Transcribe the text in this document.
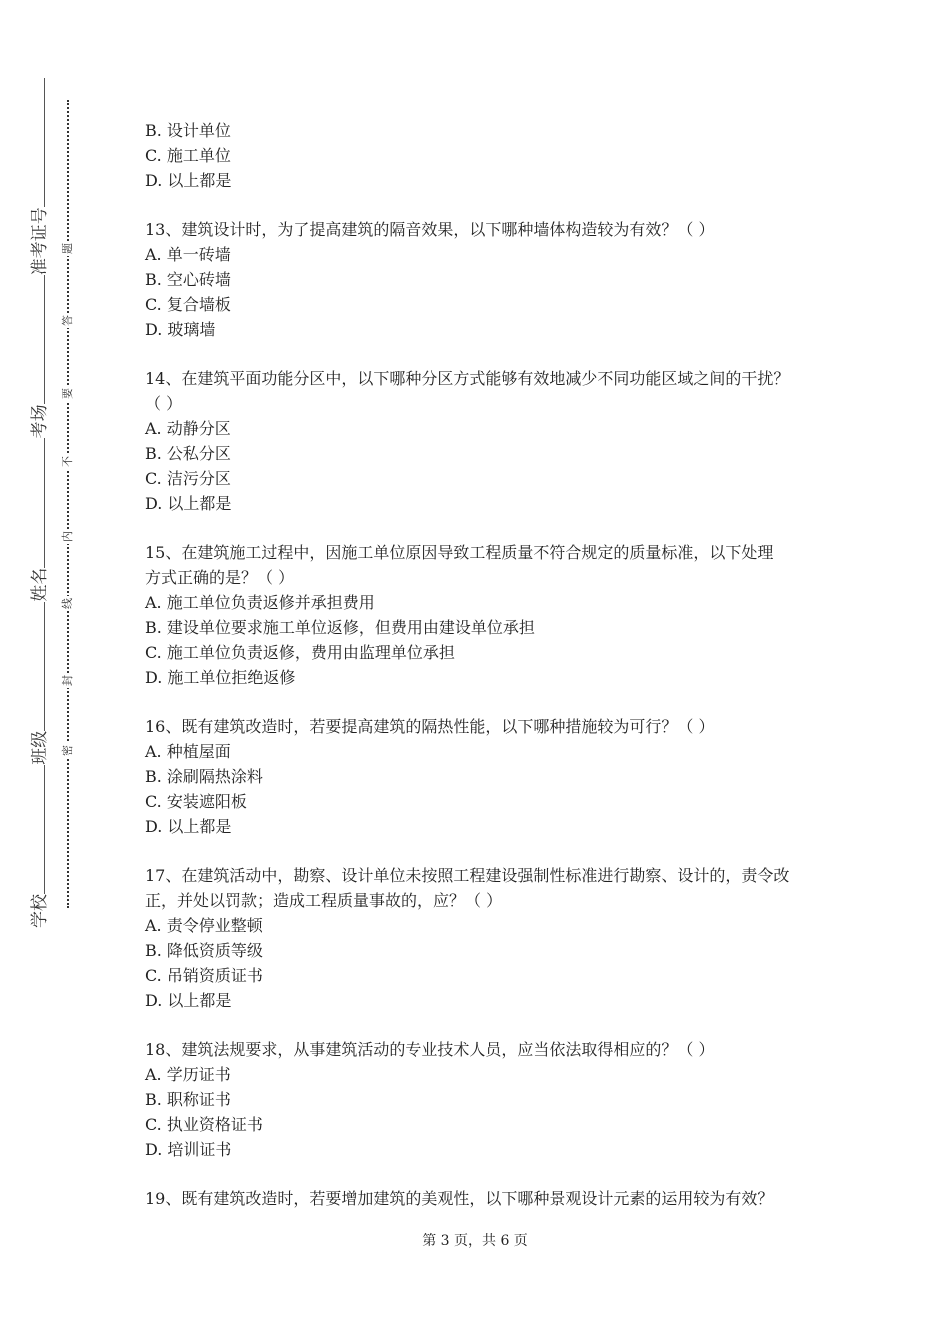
学校
班级
姓名
考场
准考证号
密
封
线
内
不
要
答
题
B. 设计单位
C. 施工单位
D. 以上都是
13、建筑设计时，为了提高建筑的隔音效果，以下哪种墙体构造较为有效？（ ）
A. 单一砖墙
B. 空心砖墙
C. 复合墙板
D. 玻璃墙
14、在建筑平面功能分区中，以下哪种分区方式能够有效地减少不同功能区域之间的干扰？
（ ）
A. 动静分区
B. 公私分区
C. 洁污分区
D. 以上都是
15、在建筑施工过程中，因施工单位原因导致工程质量不符合规定的质量标准，以下处理
方式正确的是？（ ）
A. 施工单位负责返修并承担费用
B. 建设单位要求施工单位返修，但费用由建设单位承担
C. 施工单位负责返修，费用由监理单位承担
D. 施工单位拒绝返修
16、既有建筑改造时，若要提高建筑的隔热性能，以下哪种措施较为可行？（ ）
A. 种植屋面
B. 涂刷隔热涂料
C. 安装遮阳板
D. 以上都是
17、在建筑活动中，勘察、设计单位未按照工程建设强制性标准进行勘察、设计的，责令改
正，并处以罚款；造成工程质量事故的，应？（ ）
A. 责令停业整顿
B. 降低资质等级
C. 吊销资质证书
D. 以上都是
18、建筑法规要求，从事建筑活动的专业技术人员，应当依法取得相应的？（ ）
A. 学历证书
B. 职称证书
C. 执业资格证书
D. 培训证书
19、既有建筑改造时，若要增加建筑的美观性，以下哪种景观设计元素的运用较为有效？
第 3 页，共 6 页
